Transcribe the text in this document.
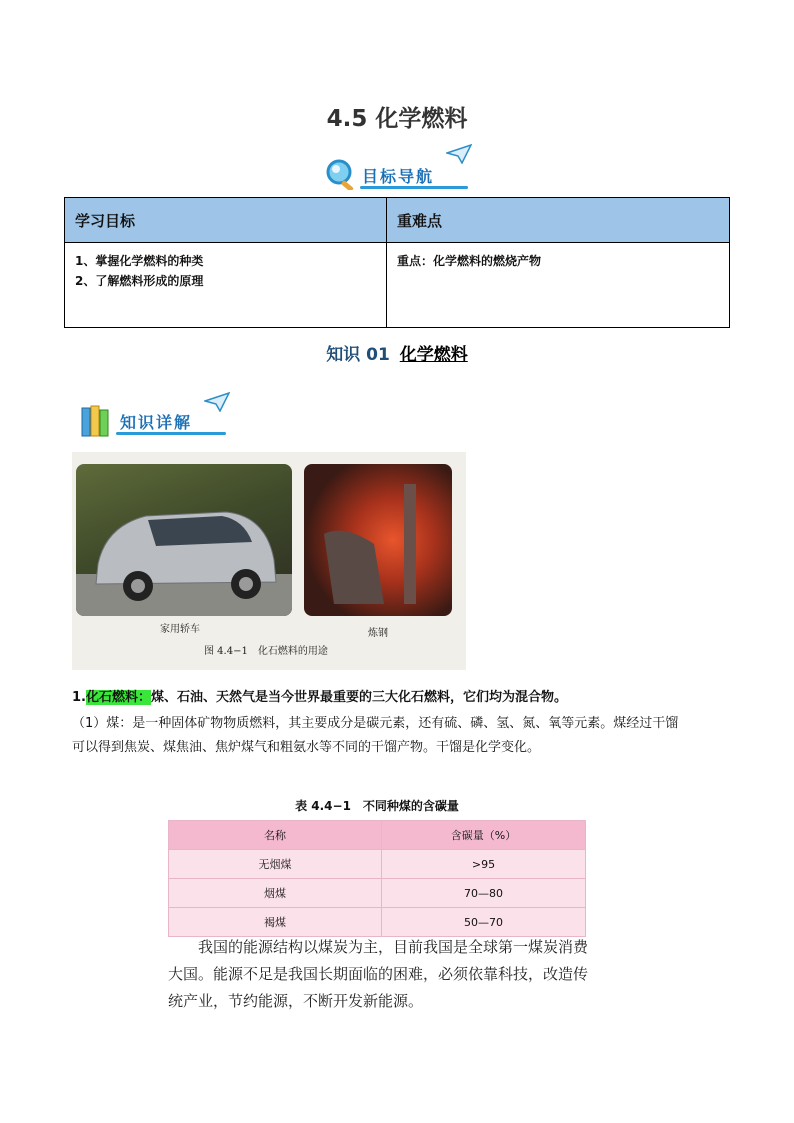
4.5 化学燃料
目标导航
学习目标	重难点

1、掌握化学燃料的种类
2、了解燃料形成的原理	重点：化学燃料的燃烧产物
知识 01 化学燃料
知识详解
家用轿车	炼钢
图 4.4−1　化石燃料的用途
1.化石燃料：煤、石油、天然气是当今世界最重要的三大化石燃料，它们均为混合物。
（1）煤：是一种固体矿物物质燃料，其主要成分是碳元素，还有硫、磷、氢、氮、氧等元素。煤经过干馏
可以得到焦炭、煤焦油、焦炉煤气和粗氨水等不同的干馏产物。干馏是化学变化。
表 4.4−1　不同种煤的含碳量
名称	含碳量（%）
无烟煤	>95
烟煤	70—80
褐煤	50—70
我国的能源结构以煤炭为主，目前我国是全球第一煤炭消费大国。能源不足是我国长期面临的困难，必须依靠科技，改造传统产业，节约能源，不断开发新能源。
